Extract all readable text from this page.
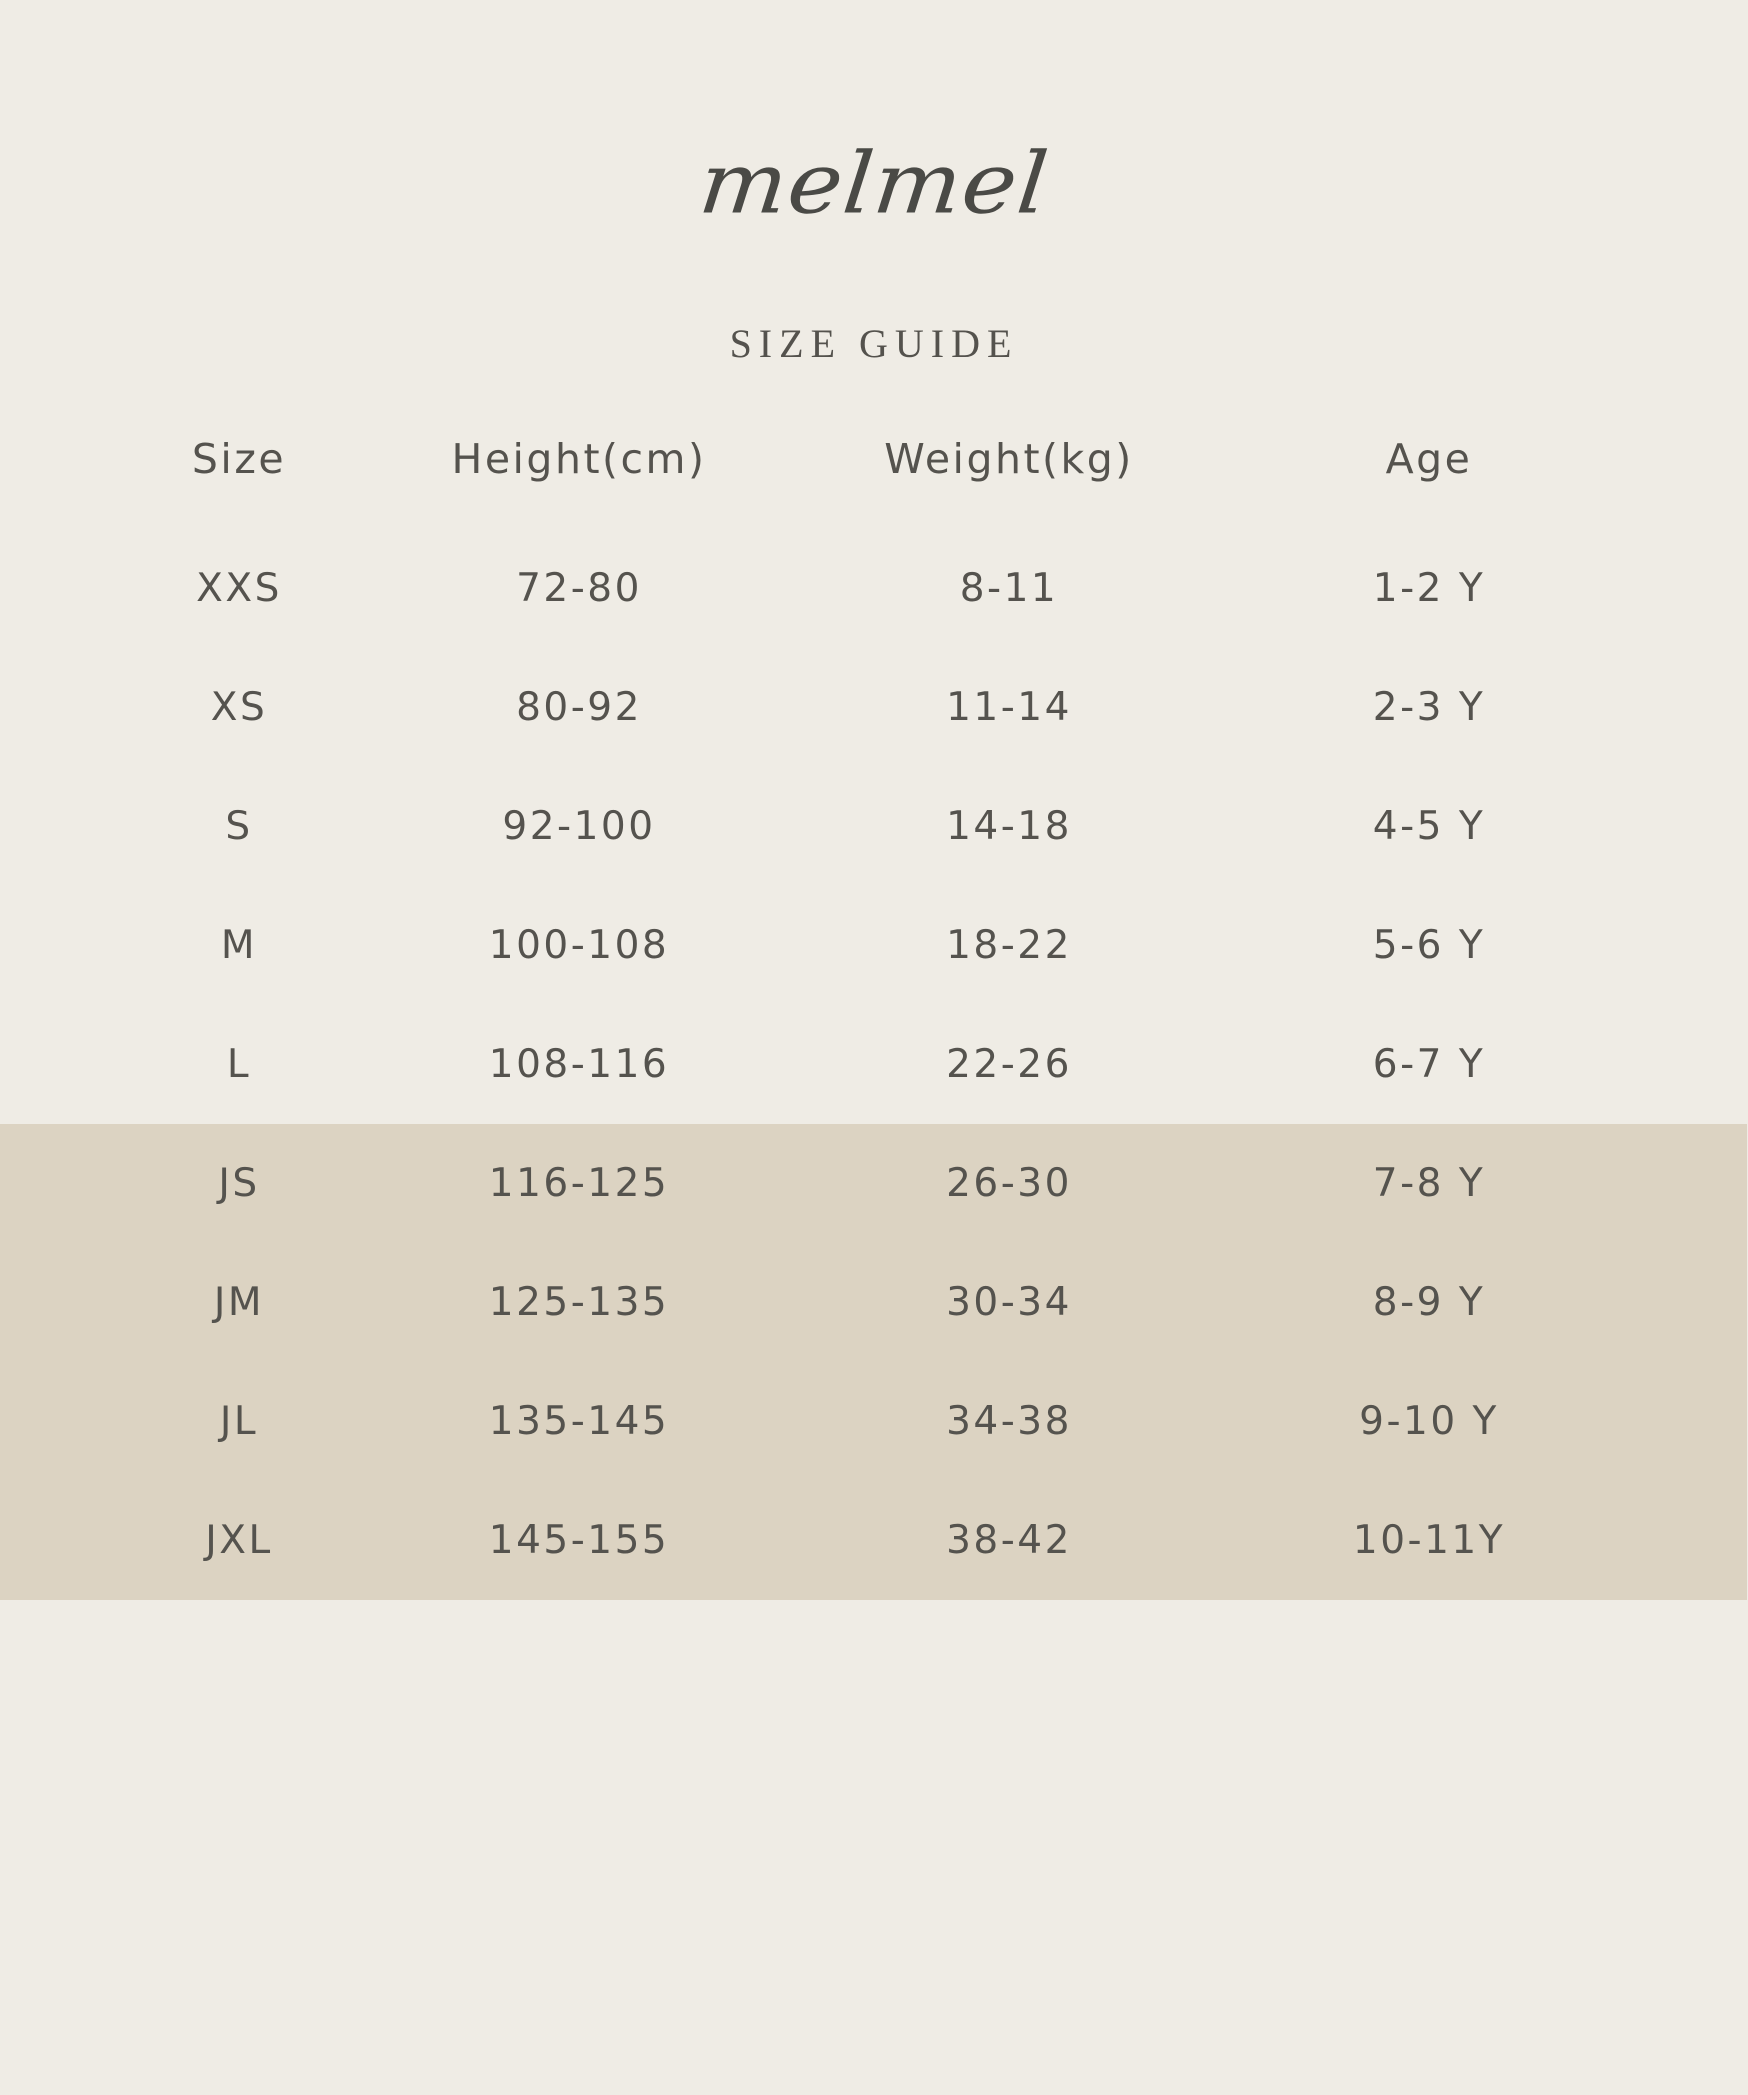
melmel
SIZE GUIDE
Size	Height(cm)	Weight(kg)	Age
XXS	72-80	8-11	1-2 Y
XS	80-92	11-14	2-3 Y
S	92-100	14-18	4-5 Y
M	100-108	18-22	5-6 Y
L	108-116	22-26	6-7 Y
JS	116-125	26-30	7-8 Y
JM	125-135	30-34	8-9 Y
JL	135-145	34-38	9-10 Y
JXL	145-155	38-42	10-11Y
